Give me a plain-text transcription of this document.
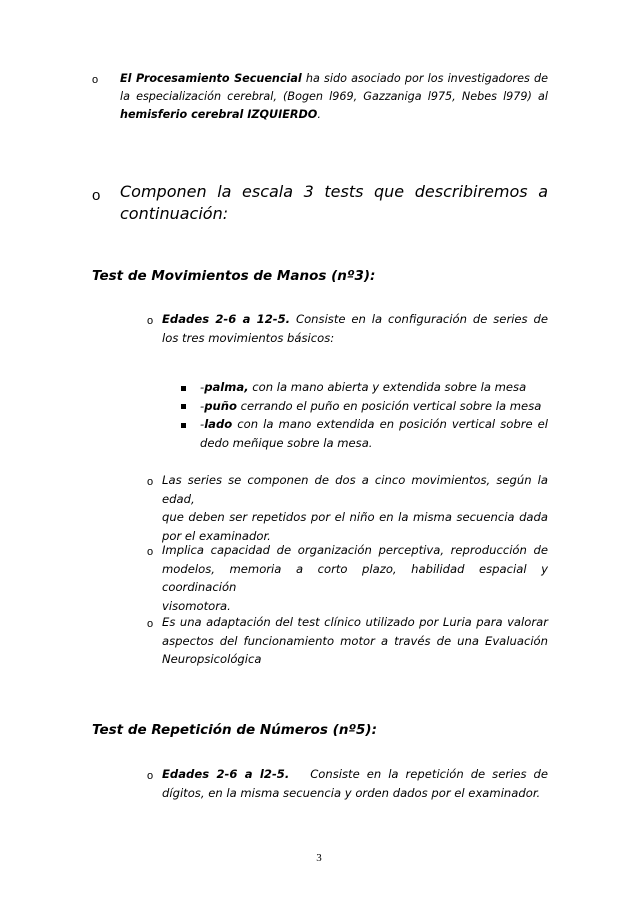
o El Procesamiento Secuencial ha sido asociado por los investigadores de
la especialización cerebral, (Bogen l969, Gazzaniga l975, Nebes l979) al
hemisferio cerebral IZQUIERDO.
o Componen la escala 3 tests que describiremos a
continuación:
Test de Movimientos de Manos (nº3):
o Edades 2-6 a 12-5. Consiste en la configuración de series de
los tres movimientos básicos:
-palma, con la mano abierta y extendida sobre la mesa
-puño cerrando el puño en posición vertical sobre la mesa
-lado con la mano extendida en posición vertical sobre el
dedo meñique sobre la mesa.
o Las series se componen de dos a cinco movimientos, según la edad,
que deben ser repetidos por el niño en la misma secuencia dada
por el examinador.
o Implica capacidad de organización perceptiva, reproducción de
modelos, memoria a corto plazo, habilidad espacial y coordinación
visomotora.
o Es una adaptación del test clínico utilizado por Luria para valorar
aspectos del funcionamiento motor a través de una Evaluación
Neuropsicológica
Test de Repetición de Números (nº5):
o Edades 2-6 a l2-5.   Consiste en la repetición de series de
dígitos, en la misma secuencia y orden dados por el examinador.
3
